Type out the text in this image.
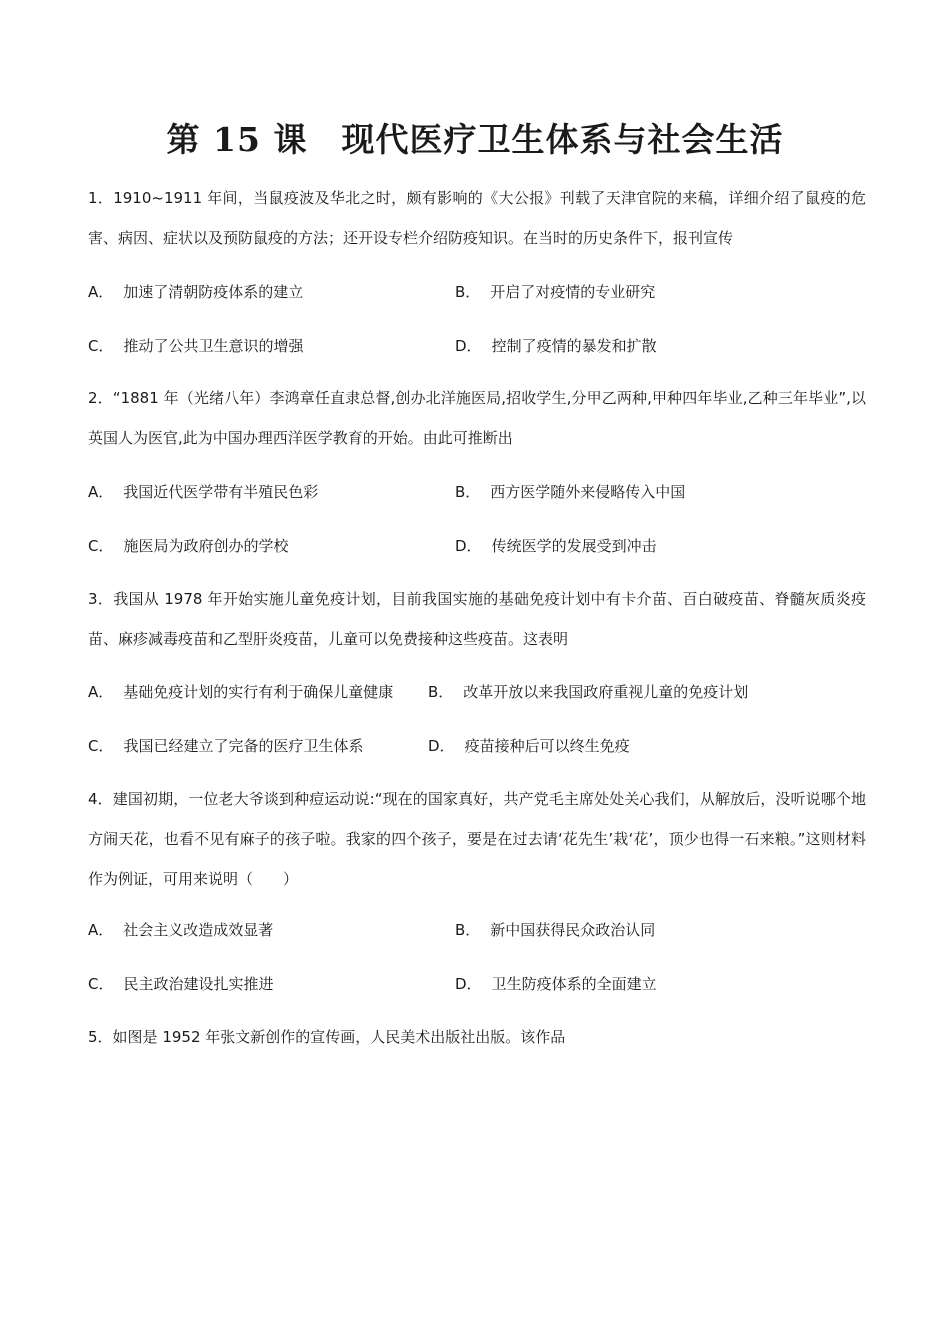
第 15 课　现代医疗卫生体系与社会生活
1．1910~1911 年间，当鼠疫波及华北之时，颇有影响的《大公报》刊载了天津官院的来稿，详细介绍了鼠疫的危害、病因、症状以及预防鼠疫的方法；还开设专栏介绍防疫知识。在当时的历史条件下，报刊宣传
A． 加速了清朝防疫体系的建立	B． 开启了对疫情的专业研究
C． 推动了公共卫生意识的增强	D． 控制了疫情的暴发和扩散
2．“1881 年（光绪八年）李鸿章任直隶总督,创办北洋施医局,招收学生,分甲乙两种,甲种四年毕业,乙种三年毕业”,以英国人为医官,此为中国办理西洋医学教育的开始。由此可推断出
A． 我国近代医学带有半殖民色彩	B． 西方医学随外来侵略传入中国
C． 施医局为政府创办的学校	D． 传统医学的发展受到冲击
3．我国从 1978 年开始实施儿童免疫计划，目前我国实施的基础免疫计划中有卡介苗、百白破疫苗、脊髓灰质炎疫苗、麻疹减毒疫苗和乙型肝炎疫苗，儿童可以免费接种这些疫苗。这表明
A． 基础免疫计划的实行有利于确保儿童健康 B． 改革开放以来我国政府重视儿童的免疫计划
C． 我国已经建立了完备的医疗卫生体系	D． 疫苗接种后可以终生免疫
4．建国初期，一位老大爷谈到种痘运动说:“现在的国家真好，共产党毛主席处处关心我们，从解放后，没听说哪个地方闹天花，也看不见有麻子的孩子啦。我家的四个孩子，要是在过去请‘花先生’栽‘花’，顶少也得一石来粮。”这则材料作为例证，可用来说明（　　）
A． 社会主义改造成效显著	B． 新中国获得民众政治认同
C． 民主政治建设扎实推进	D． 卫生防疫体系的全面建立
5．如图是 1952 年张文新创作的宣传画，人民美术出版社出版。该作品
